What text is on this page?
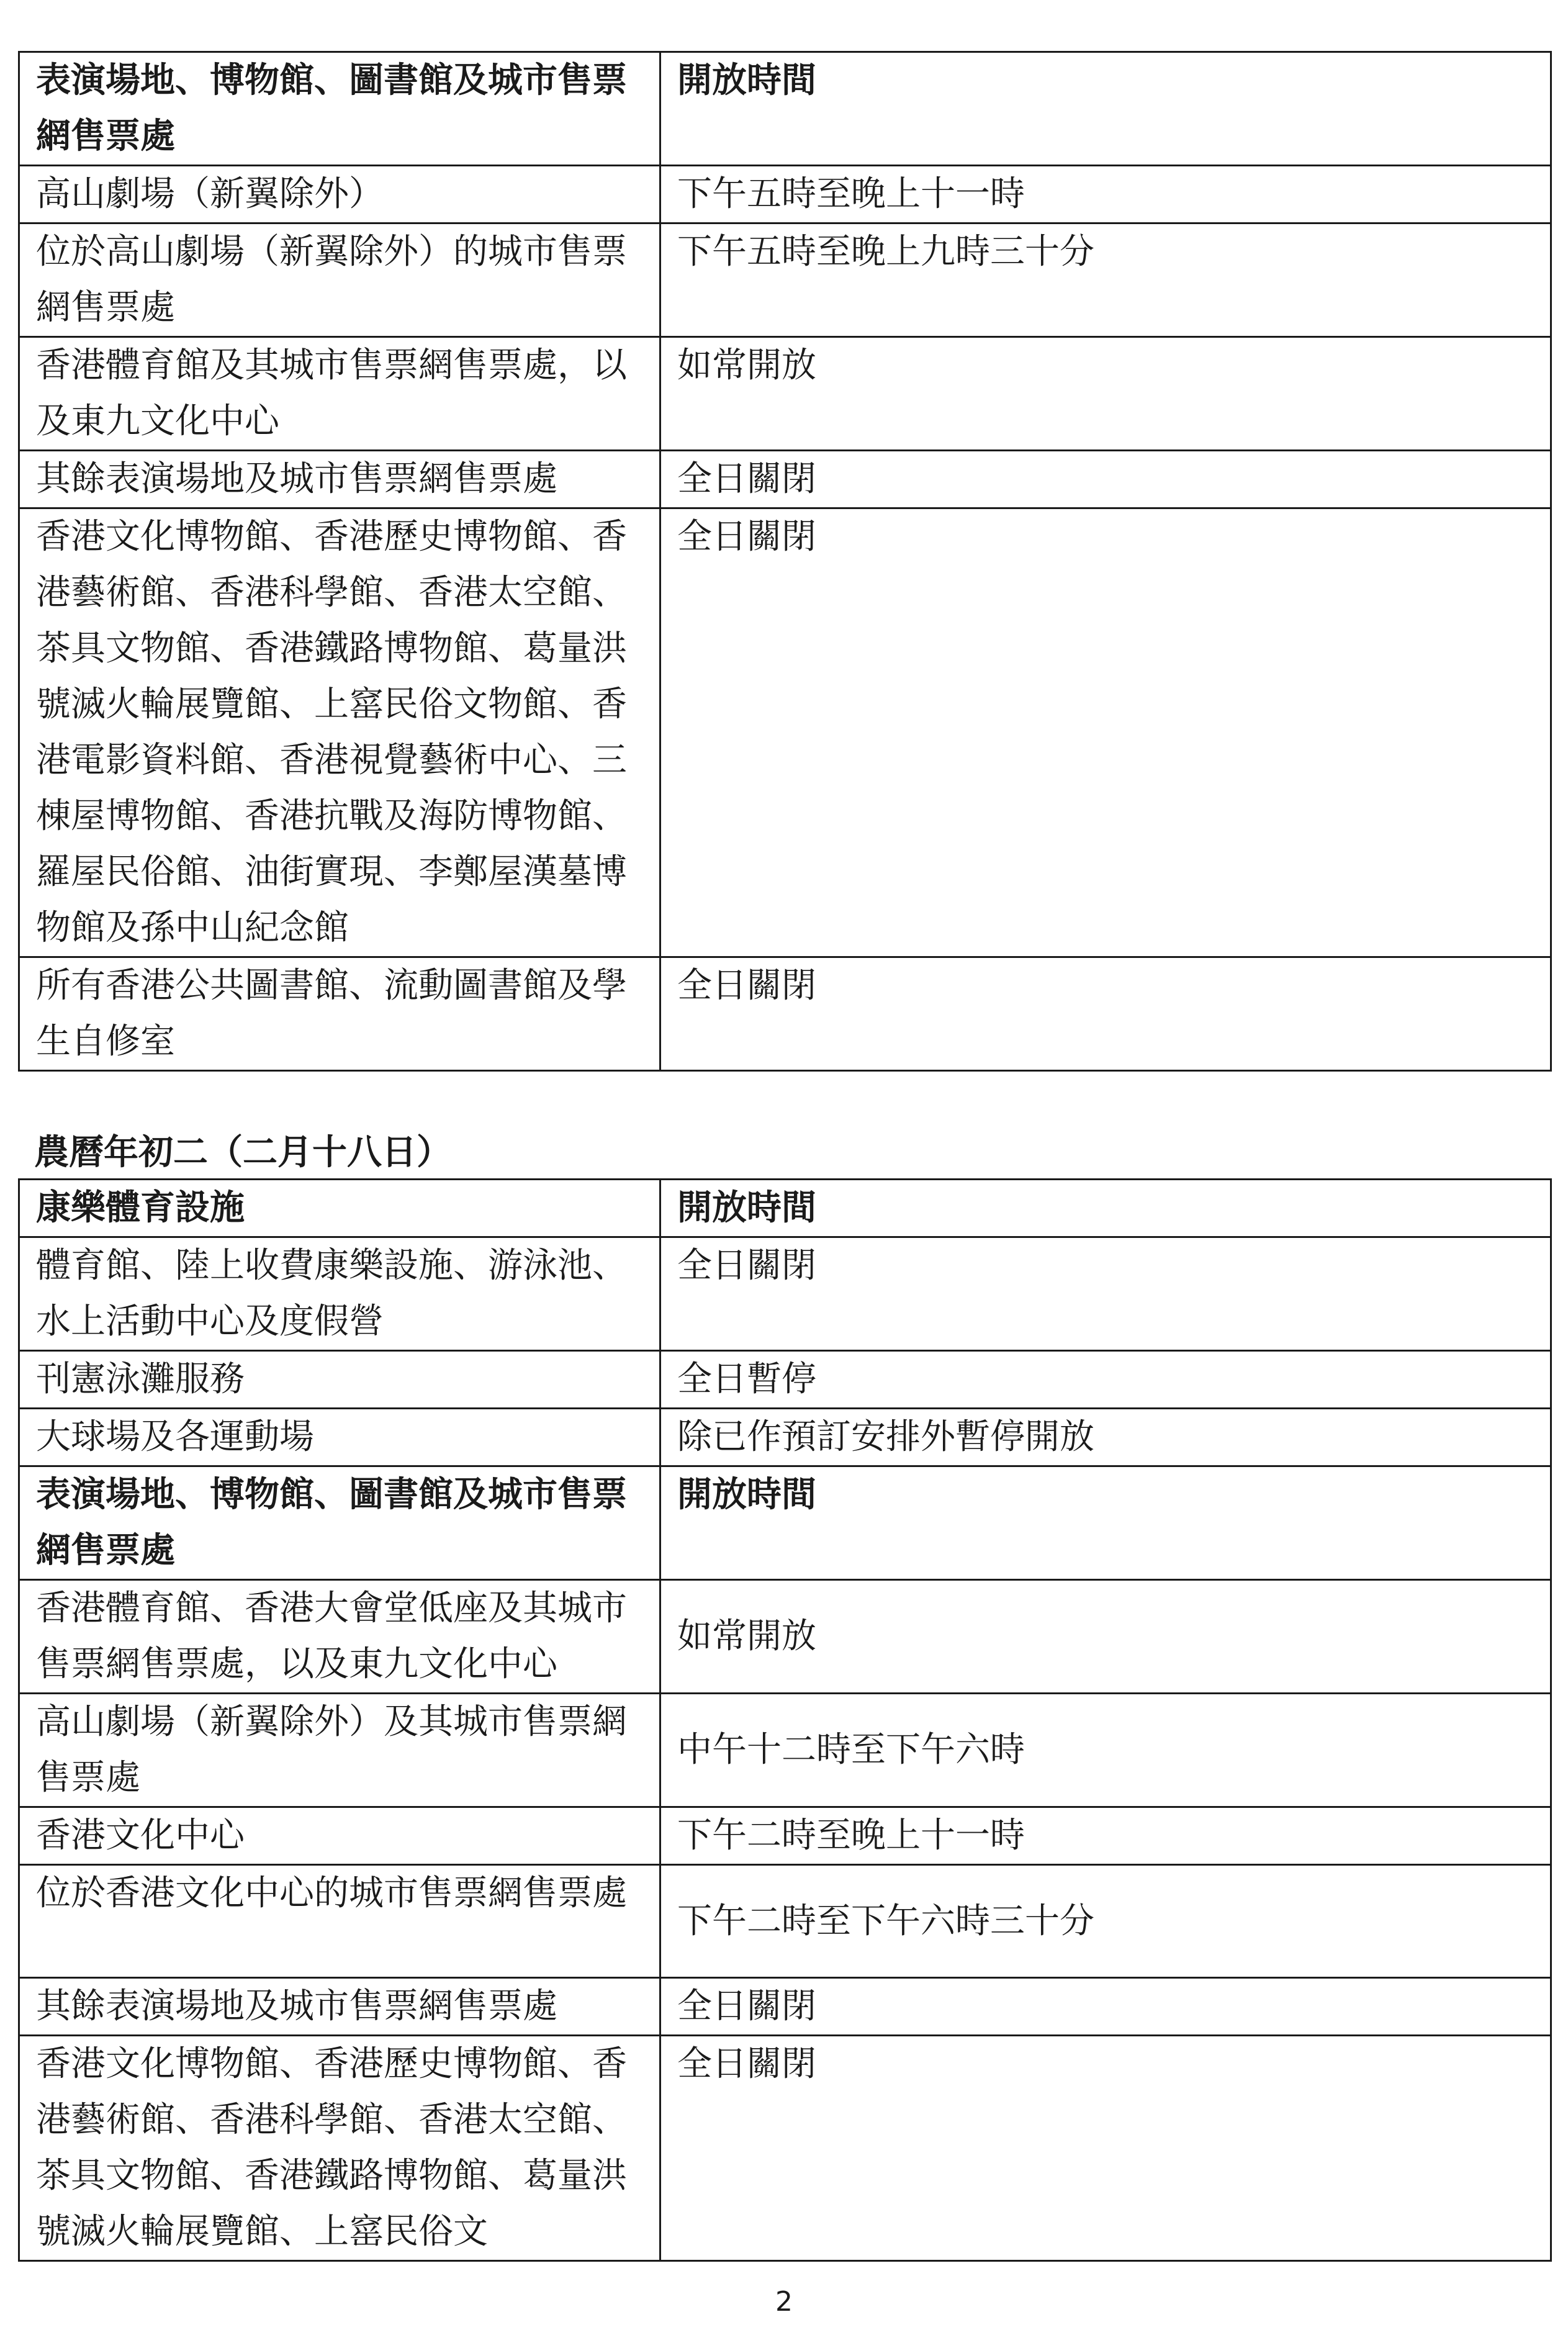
表演場地、博物館、圖書館及城市售票網售票處	開放時間
高山劇場（新翼除外）	下午五時至晚上十一時
位於高山劇場（新翼除外）的城市售票網售票處	下午五時至晚上九時三十分
香港體育館及其城市售票網售票處，以及東九文化中心	如常開放
其餘表演場地及城市售票網售票處	全日關閉
香港文化博物館、香港歷史博物館、香港藝術館、香港科學館、香港太空館、茶具文物館、香港鐵路博物館、葛量洪號滅火輪展覽館、上窰民俗文物館、香港電影資料館、香港視覺藝術中心、三棟屋博物館、香港抗戰及海防博物館、羅屋民俗館、油街實現、李鄭屋漢墓博物館及孫中山紀念館	全日關閉
所有香港公共圖書館、流動圖書館及學生自修室	全日關閉

農曆年初二（二月十八日）

康樂體育設施	開放時間
體育館、陸上收費康樂設施、游泳池、水上活動中心及度假營	全日關閉
刊憲泳灘服務	全日暫停
大球場及各運動場	除已作預訂安排外暫停開放
表演場地、博物館、圖書館及城市售票網售票處	開放時間
香港體育館、香港大會堂低座及其城市售票網售票處，以及東九文化中心	如常開放
高山劇場（新翼除外）及其城市售票網售票處	中午十二時至下午六時
香港文化中心	下午二時至晚上十一時
位於香港文化中心的城市售票網售票處	下午二時至下午六時三十分
其餘表演場地及城市售票網售票處	全日關閉
香港文化博物館、香港歷史博物館、香港藝術館、香港科學館、香港太空館、茶具文物館、香港鐵路博物館、葛量洪號滅火輪展覽館、上窰民俗文	全日關閉
2
